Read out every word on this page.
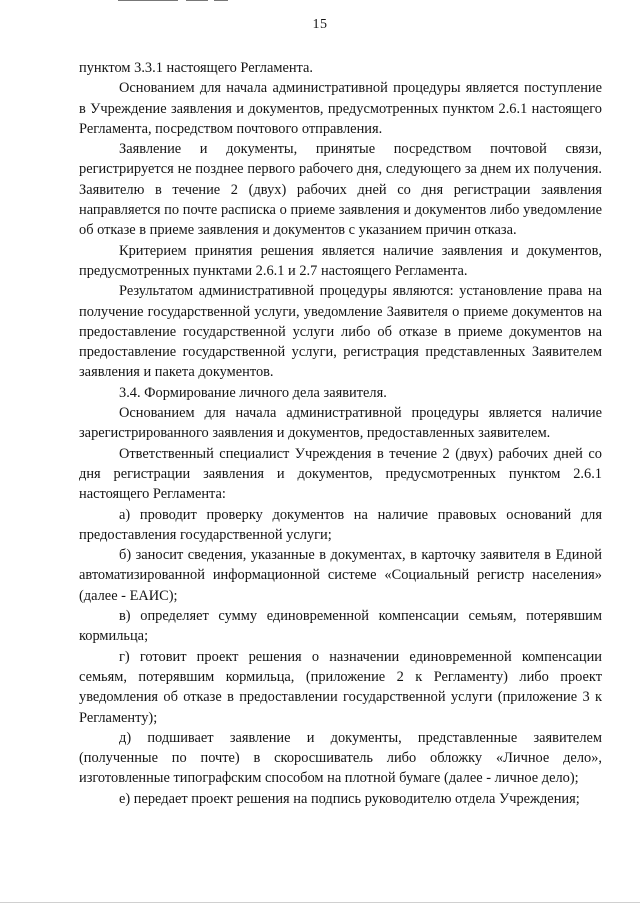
15

пунктом 3.3.1 настоящего Регламента.

Основанием для начала административной процедуры является поступление в Учреждение заявления и документов, предусмотренных пунктом 2.6.1 настоящего Регламента, посредством почтового отправления.

Заявление и документы, принятые посредством почтовой связи, регистрируется не позднее первого рабочего дня, следующего за днем их получения. Заявителю в течение 2 (двух) рабочих дней со дня регистрации заявления направляется по почте расписка о приеме заявления и документов либо уведомление об отказе в приеме заявления и документов с указанием причин отказа.

Критерием принятия решения является наличие заявления и документов, предусмотренных пунктами 2.6.1 и 2.7 настоящего Регламента.

Результатом административной процедуры являются: установление права на получение государственной услуги, уведомление Заявителя о приеме документов на предоставление государственной услуги либо об отказе в приеме документов на предоставление государственной услуги, регистрация представленных Заявителем заявления и пакета документов.

3.4. Формирование личного дела заявителя.

Основанием для начала административной процедуры является наличие зарегистрированного заявления и документов, предоставленных заявителем.

Ответственный специалист Учреждения в течение 2 (двух) рабочих дней со дня регистрации заявления и документов, предусмотренных пунктом 2.6.1 настоящего Регламента:

а) проводит проверку документов на наличие правовых оснований для предоставления государственной услуги;

б) заносит сведения, указанные в документах, в карточку заявителя в Единой автоматизированной информационной системе «Социальный регистр населения» (далее - ЕАИС);

в) определяет сумму единовременной компенсации семьям, потерявшим кормильца;

г) готовит проект решения о назначении единовременной компенсации семьям, потерявшим кормильца, (приложение 2 к Регламенту) либо проект уведомления об отказе в предоставлении государственной услуги (приложение 3 к Регламенту);

д) подшивает заявление и документы, представленные заявителем (полученные по почте) в скоросшиватель либо обложку «Личное дело», изготовленные типографским способом на плотной бумаге (далее - личное дело);

е) передает проект решения на подпись руководителю отдела Учреждения;
